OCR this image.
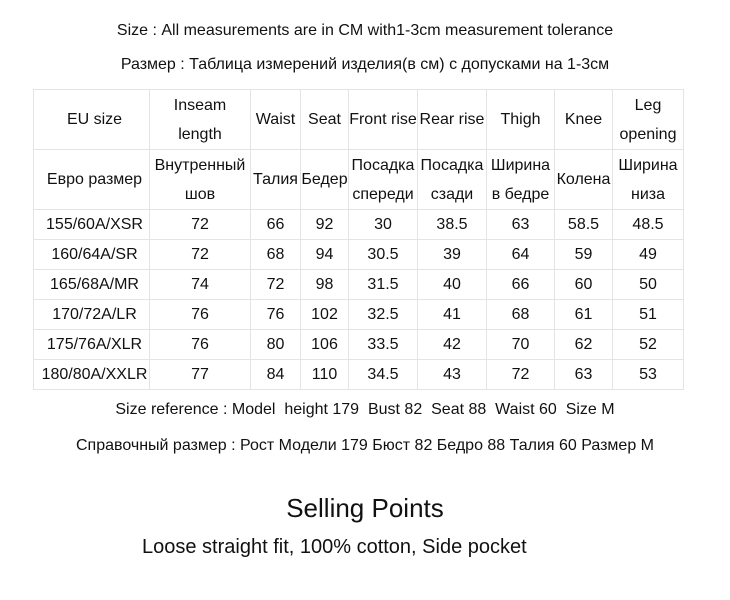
Size : All measurements are in CM with1-3cm measurement tolerance
Размер : Таблица измерений изделия(в см) с допусками на 1-3см
EU size	Inseam length	Waist	Seat	Front rise	Rear rise	Thigh	Knee	Leg opening
Евро размер	Внутренный шов	Талия	Бедер	Посадка спереди	Посадка сзади	Ширина в бедре	Колена	Ширина низа
155/60A/XSR	72	66	92	30	38.5	63	58.5	48.5
160/64A/SR	72	68	94	30.5	39	64	59	49
165/68A/MR	74	72	98	31.5	40	66	60	50
170/72A/LR	76	76	102	32.5	41	68	61	51
175/76A/XLR	76	80	106	33.5	42	70	62	52
180/80A/XXLR	77	84	110	34.5	43	72	63	53
Size reference : Model  height 179  Bust 82  Seat 88  Waist 60  Size M
Справочный размер : Рост Модели 179 Бюст 82 Бедро 88 Талия 60 Размер М
Selling Points
Loose straight fit, 100% cotton, Side pocket
